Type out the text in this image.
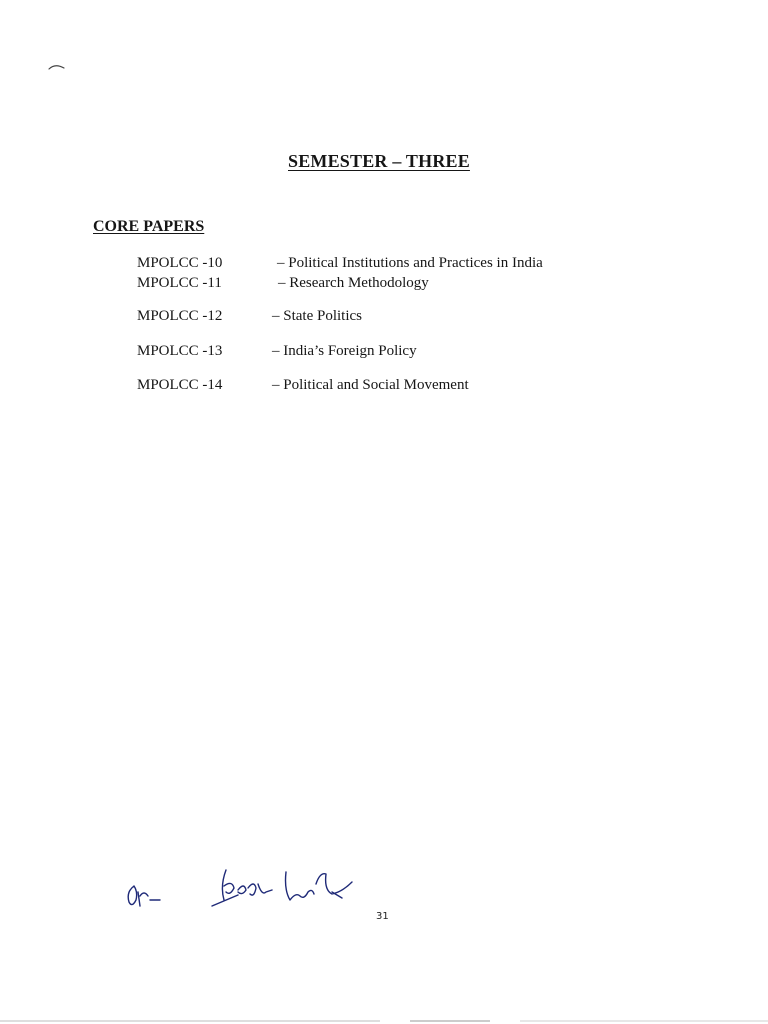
SEMESTER – THREE
CORE PAPERS
MPOLCC -10	– Political Institutions and Practices in India
MPOLCC -11	– Research Methodology
MPOLCC -12	– State Politics
MPOLCC -13	– India’s Foreign Policy
MPOLCC -14	– Political and Social Movement
31
